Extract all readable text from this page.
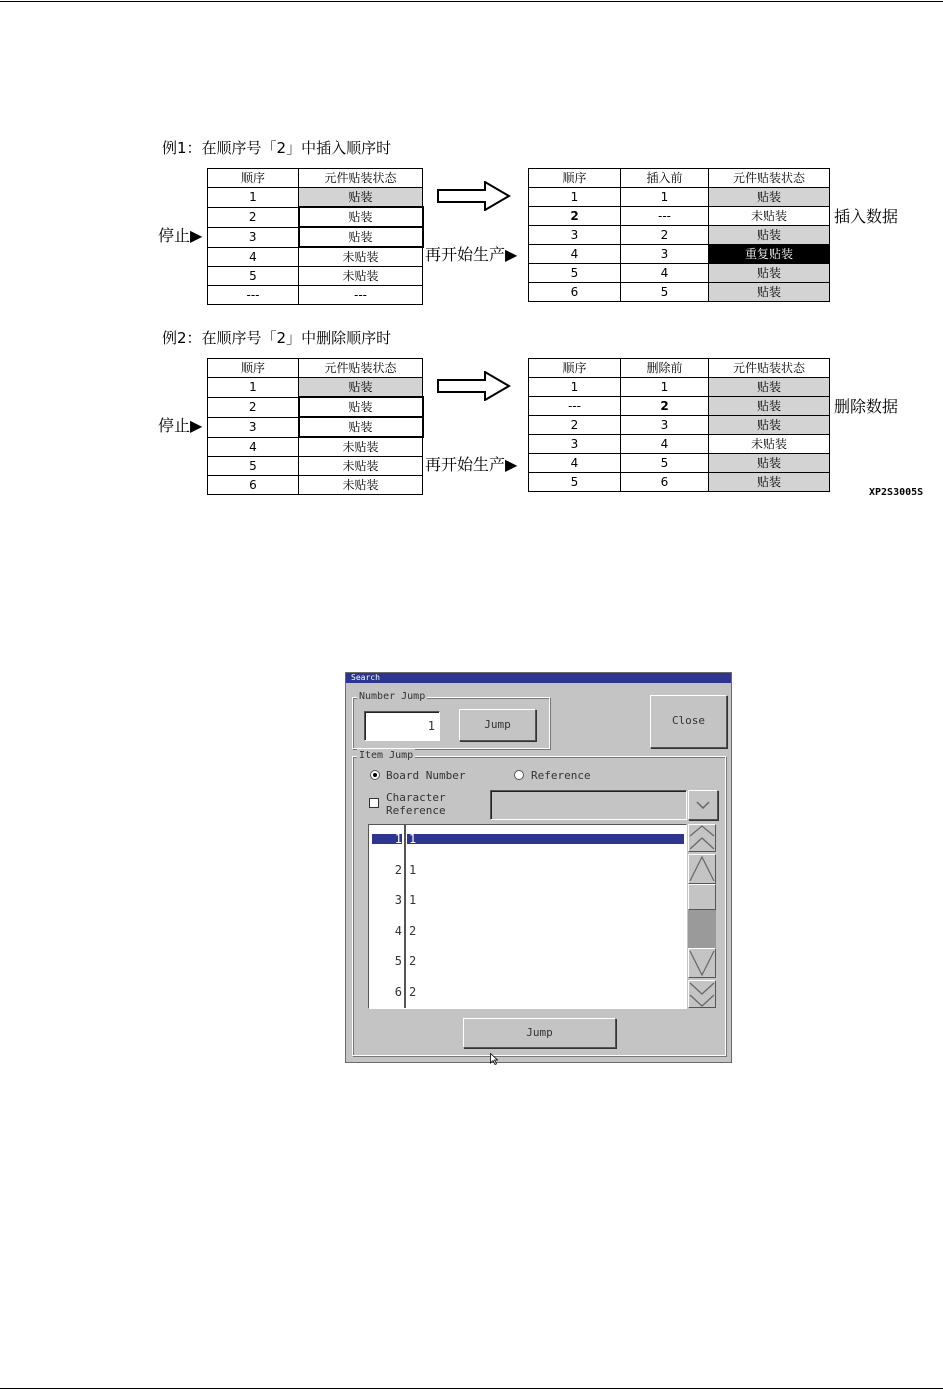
例1：在顺序号「2」中插入顺序时
顺序	元件贴装状态
1	贴装
2	贴装
3	贴装
4	未贴装
5	未贴装
---	---
停止▶
再开始生产▶
顺序	插入前	元件贴装状态
1	1	贴装
2	---	未贴装
3	2	贴装
4	3	重复贴装
5	4	贴装
6	5	贴装
插入数据
例2：在顺序号「2」中删除顺序时
顺序	元件贴装状态
1	贴装
2	贴装
3	贴装
4	未贴装
5	未贴装
6	未贴装
停止▶
再开始生产▶
顺序	删除前	元件贴装状态
1	1	贴装
---	2	贴装
2	3	贴装
3	4	未贴装
4	5	贴装
5	6	贴装
删除数据
XP2S3005S
Search
Number Jump
1	Jump	Close
Item Jump
Board Number	Reference
Character
Reference
1 1
2 1
3 1
4 2
5 2
6 2
Jump
